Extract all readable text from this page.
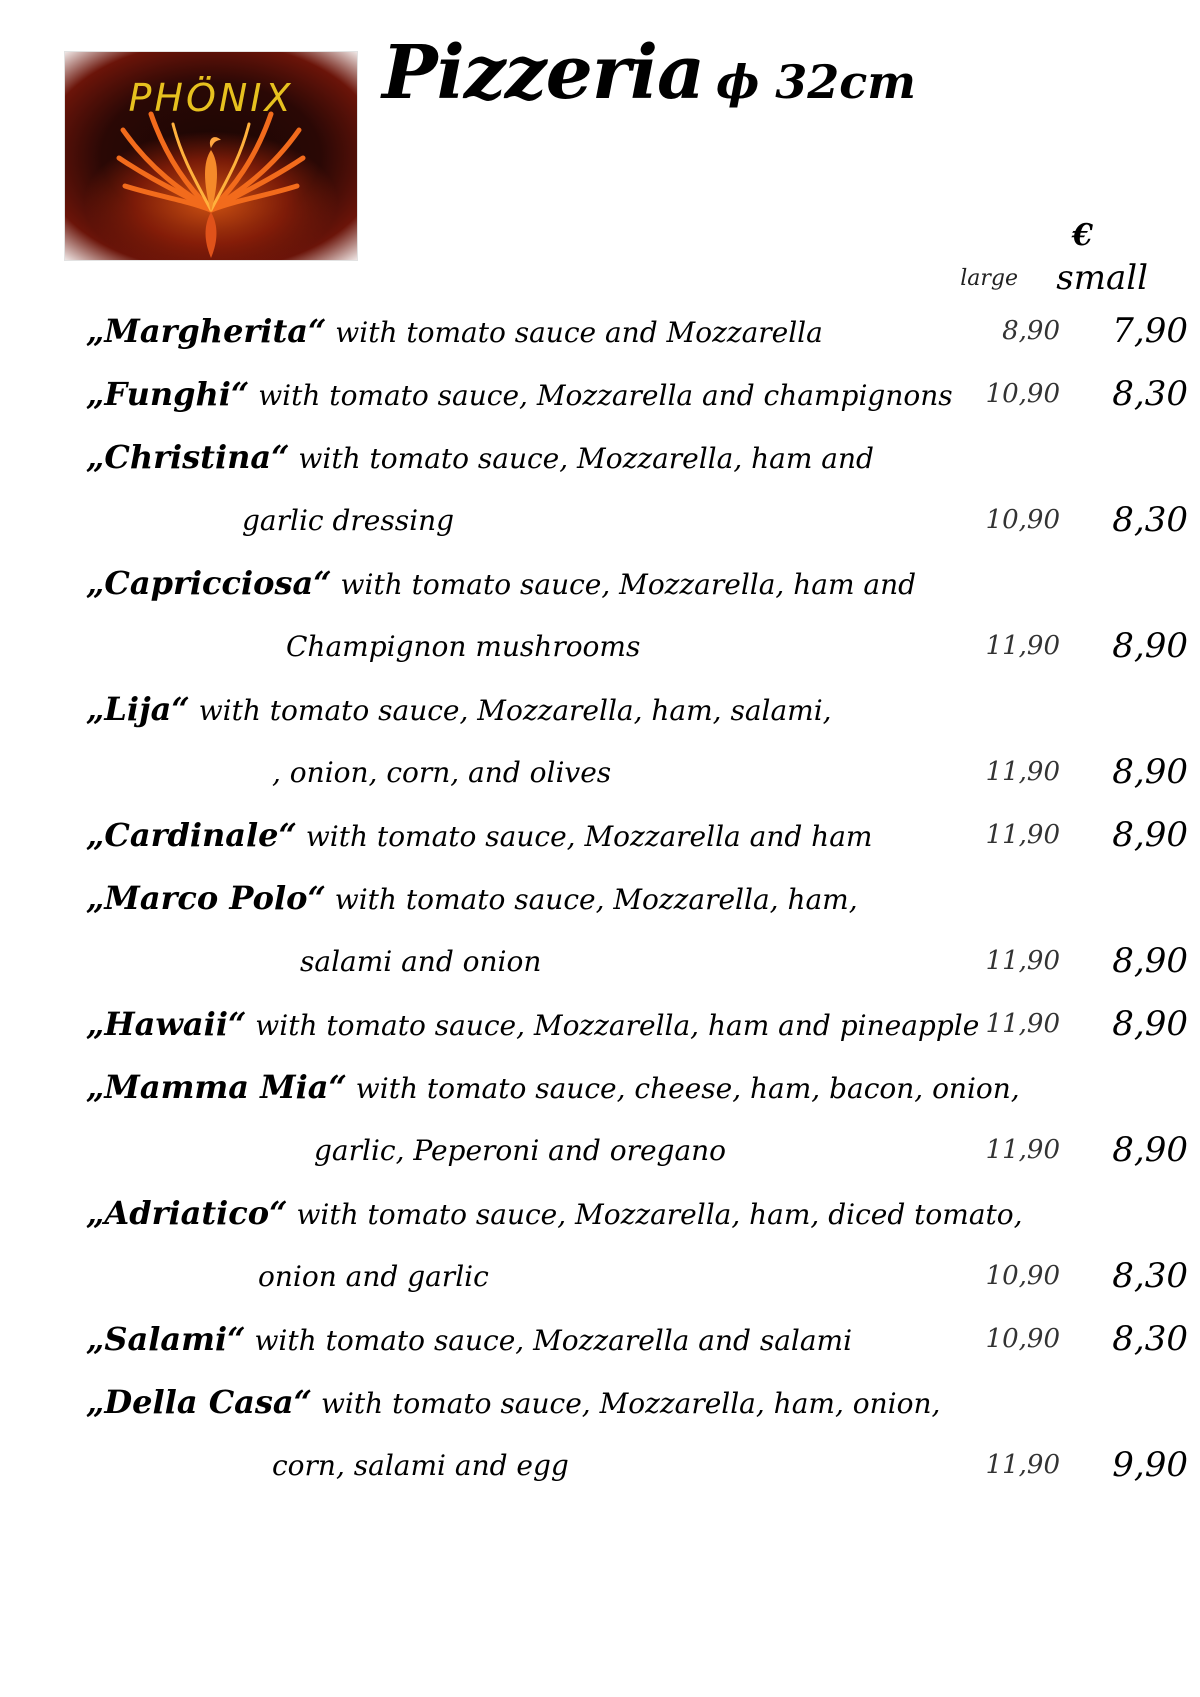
PHÖNIX	Pizzeria ϕ 32cm
€
large small
„Margherita“ with tomato sauce and Mozzarella	8,90 7,90
„Funghi“ with tomato sauce, Mozzarella and champignons 10,90 8,30
„Christina“ with tomato sauce, Mozzarella, ham and
garlic dressing	10,90 8,30
„Capricciosa“ with tomato sauce, Mozzarella, ham and
Champignon mushrooms	11,90 8,90
„Lija“ with tomato sauce, Mozzarella, ham, salami,
, onion, corn, and olives	11,90 8,90
„Cardinale“ with tomato sauce, Mozzarella and ham	11,90 8,90
„Marco Polo“ with tomato sauce, Mozzarella, ham,
salami and onion	11,90 8,90
„Hawaii“ with tomato sauce, Mozzarella, ham and pineapple 11,90 8,90
„Mamma Mia“ with tomato sauce, cheese, ham, bacon, onion,
garlic, Peperoni and oregano	11,90 8,90
„Adriatico“ with tomato sauce, Mozzarella, ham, diced tomato,
onion and garlic	10,90 8,30
„Salami“ with tomato sauce, Mozzarella and salami	10,90 8,30
„Della Casa“ with tomato sauce, Mozzarella, ham, onion,
corn, salami and egg	11,90 9,90
